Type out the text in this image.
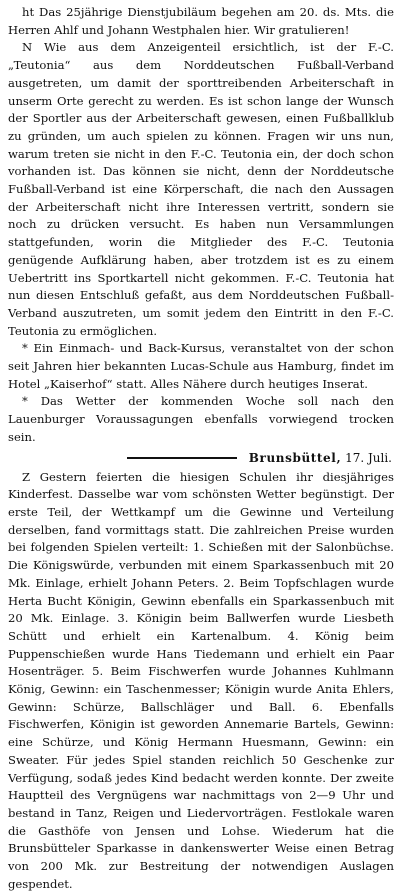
ht Das 25jährige Dienstjubiläum begehen am 20. ds. Mts. die Herren Ahlf und Johann Westphalen hier. Wir gratulieren!

N Wie aus dem Anzeigenteil ersichtlich, ist der F.-C. „Teutonia“ aus dem Norddeutschen Fußball-Verband ausgetreten, um damit der sporttreibenden Arbeiterschaft in unserm Orte gerecht zu werden. Es ist schon lange der Wunsch der Sportler aus der Arbeiterschaft gewesen, einen Fußballklub zu gründen, um auch spielen zu können. Fragen wir uns nun, warum treten sie nicht in den F.-C. Teutonia ein, der doch schon vorhanden ist. Das können sie nicht, denn der Norddeutsche Fußball-Verband ist eine Körperschaft, die nach den Aussagen der Arbeiterschaft nicht ihre Interessen vertritt, sondern sie noch zu drücken versucht. Es haben nun Versammlungen stattgefunden, worin die Mitglieder des F.-C. Teutonia genügende Aufklärung haben, aber trotzdem ist es zu einem Uebertritt ins Sportkartell nicht gekommen. F.-C. Teutonia hat nun diesen Entschluß gefaßt, aus dem Norddeutschen Fußball-Verband auszutreten, um somit jedem den Eintritt in den F.-C. Teutonia zu ermöglichen.

* Ein Einmach- und Back-Kursus, veranstaltet von der schon seit Jahren hier bekannten Lucas-Schule aus Hamburg, findet im Hotel „Kaiserhof“ statt. Alles Nähere durch heutiges Inserat.

* Das Wetter der kommenden Woche soll nach den Lauenburger Voraussagungen ebenfalls vorwiegend trocken sein.

Brunsbüttel, 17. Juli.

Z Gestern feierten die hiesigen Schulen ihr diesjähriges Kinderfest. Dasselbe war vom schönsten Wetter begünstigt. Der erste Teil, der Wettkampf um die Gewinne und Verteilung derselben, fand vormittags statt. Die zahlreichen Preise wurden bei folgenden Spielen verteilt: 1. Schießen mit der Salonbüchse. Die Königswürde, verbunden mit einem Sparkassenbuch mit 20 Mk. Einlage, erhielt Johann Peters. 2. Beim Topfschlagen wurde Herta Bucht Königin, Gewinn ebenfalls ein Sparkassenbuch mit 20 Mk. Einlage. 3. Königin beim Ballwerfen wurde Liesbeth Schütt und erhielt ein Kartenalbum. 4. König beim Puppenschießen wurde Hans Tiedemann und erhielt ein Paar Hosenträger. 5. Beim Fischwerfen wurde Johannes Kuhlmann König, Gewinn: ein Taschenmesser; Königin wurde Anita Ehlers, Gewinn: Schürze, Ballschläger und Ball. 6. Ebenfalls Fischwerfen, Königin ist geworden Annemarie Bartels, Gewinn: eine Schürze, und König Hermann Huesmann, Gewinn: ein Sweater. Für jedes Spiel standen reichlich 50 Geschenke zur Verfügung, sodaß jedes Kind bedacht werden konnte. Der zweite Hauptteil des Vergnügens war nachmittags von 2—9 Uhr und bestand in Tanz, Reigen und Liedervorträgen. Festlokale waren die Gasthöfe von Jensen und Lohse. Wiederum hat die Brunsbütteler Sparkasse in dankenswerter Weise einen Betrag von 200 Mk. zur Bestreitung der notwendigen Auslagen gespendet.
